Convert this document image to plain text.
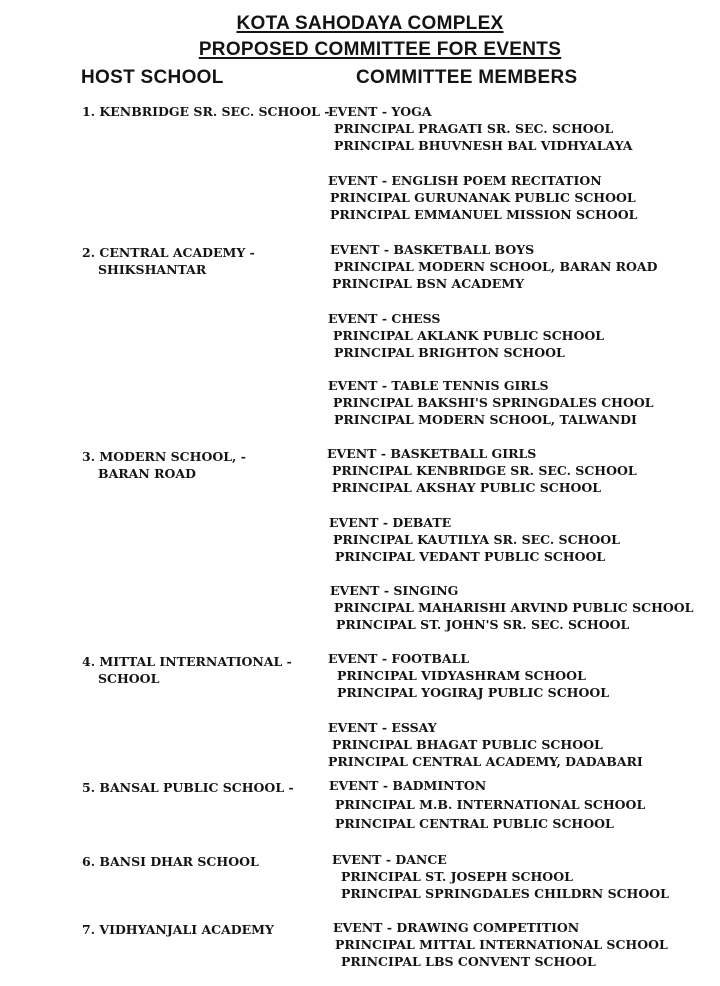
KOTA SAHODAYA COMPLEX
PROPOSED COMMITTEE FOR EVENTS
HOST SCHOOL	COMMITTEE MEMBERS
1. KENBRIDGE SR. SEC. SCHOOL -
2. CENTRAL ACADEMY -
SHIKSHANTAR
3. MODERN SCHOOL, -
BARAN ROAD
4. MITTAL INTERNATIONAL -
SCHOOL
5. BANSAL PUBLIC SCHOOL -
6. BANSI DHAR SCHOOL
7. VIDHYANJALI ACADEMY
EVENT - YOGA
PRINCIPAL PRAGATI SR. SEC. SCHOOL
PRINCIPAL BHUVNESH BAL VIDHYALAYA
EVENT - ENGLISH POEM RECITATION
PRINCIPAL GURUNANAK PUBLIC SCHOOL
PRINCIPAL EMMANUEL MISSION SCHOOL
EVENT - BASKETBALL BOYS
PRINCIPAL MODERN SCHOOL, BARAN ROAD
PRINCIPAL BSN ACADEMY
EVENT - CHESS
PRINCIPAL AKLANK PUBLIC SCHOOL
PRINCIPAL BRIGHTON SCHOOL
EVENT - TABLE TENNIS GIRLS
PRINCIPAL BAKSHI'S SPRINGDALES CHOOL
PRINCIPAL MODERN SCHOOL, TALWANDI
EVENT - BASKETBALL GIRLS
PRINCIPAL KENBRIDGE SR. SEC. SCHOOL
PRINCIPAL AKSHAY PUBLIC SCHOOL
EVENT - DEBATE
PRINCIPAL KAUTILYA SR. SEC. SCHOOL
PRINCIPAL VEDANT PUBLIC SCHOOL
EVENT - SINGING
PRINCIPAL MAHARISHI ARVIND PUBLIC SCHOOL
PRINCIPAL ST. JOHN'S SR. SEC. SCHOOL
EVENT - FOOTBALL
PRINCIPAL VIDYASHRAM SCHOOL
PRINCIPAL YOGIRAJ PUBLIC SCHOOL
EVENT - ESSAY
PRINCIPAL BHAGAT PUBLIC SCHOOL
PRINCIPAL CENTRAL ACADEMY, DADABARI
EVENT - BADMINTON
PRINCIPAL M.B. INTERNATIONAL SCHOOL
PRINCIPAL CENTRAL PUBLIC SCHOOL
EVENT - DANCE
PRINCIPAL ST. JOSEPH SCHOOL
PRINCIPAL SPRINGDALES CHILDRN SCHOOL
EVENT - DRAWING COMPETITION
PRINCIPAL MITTAL INTERNATIONAL SCHOOL
PRINCIPAL LBS CONVENT SCHOOL
